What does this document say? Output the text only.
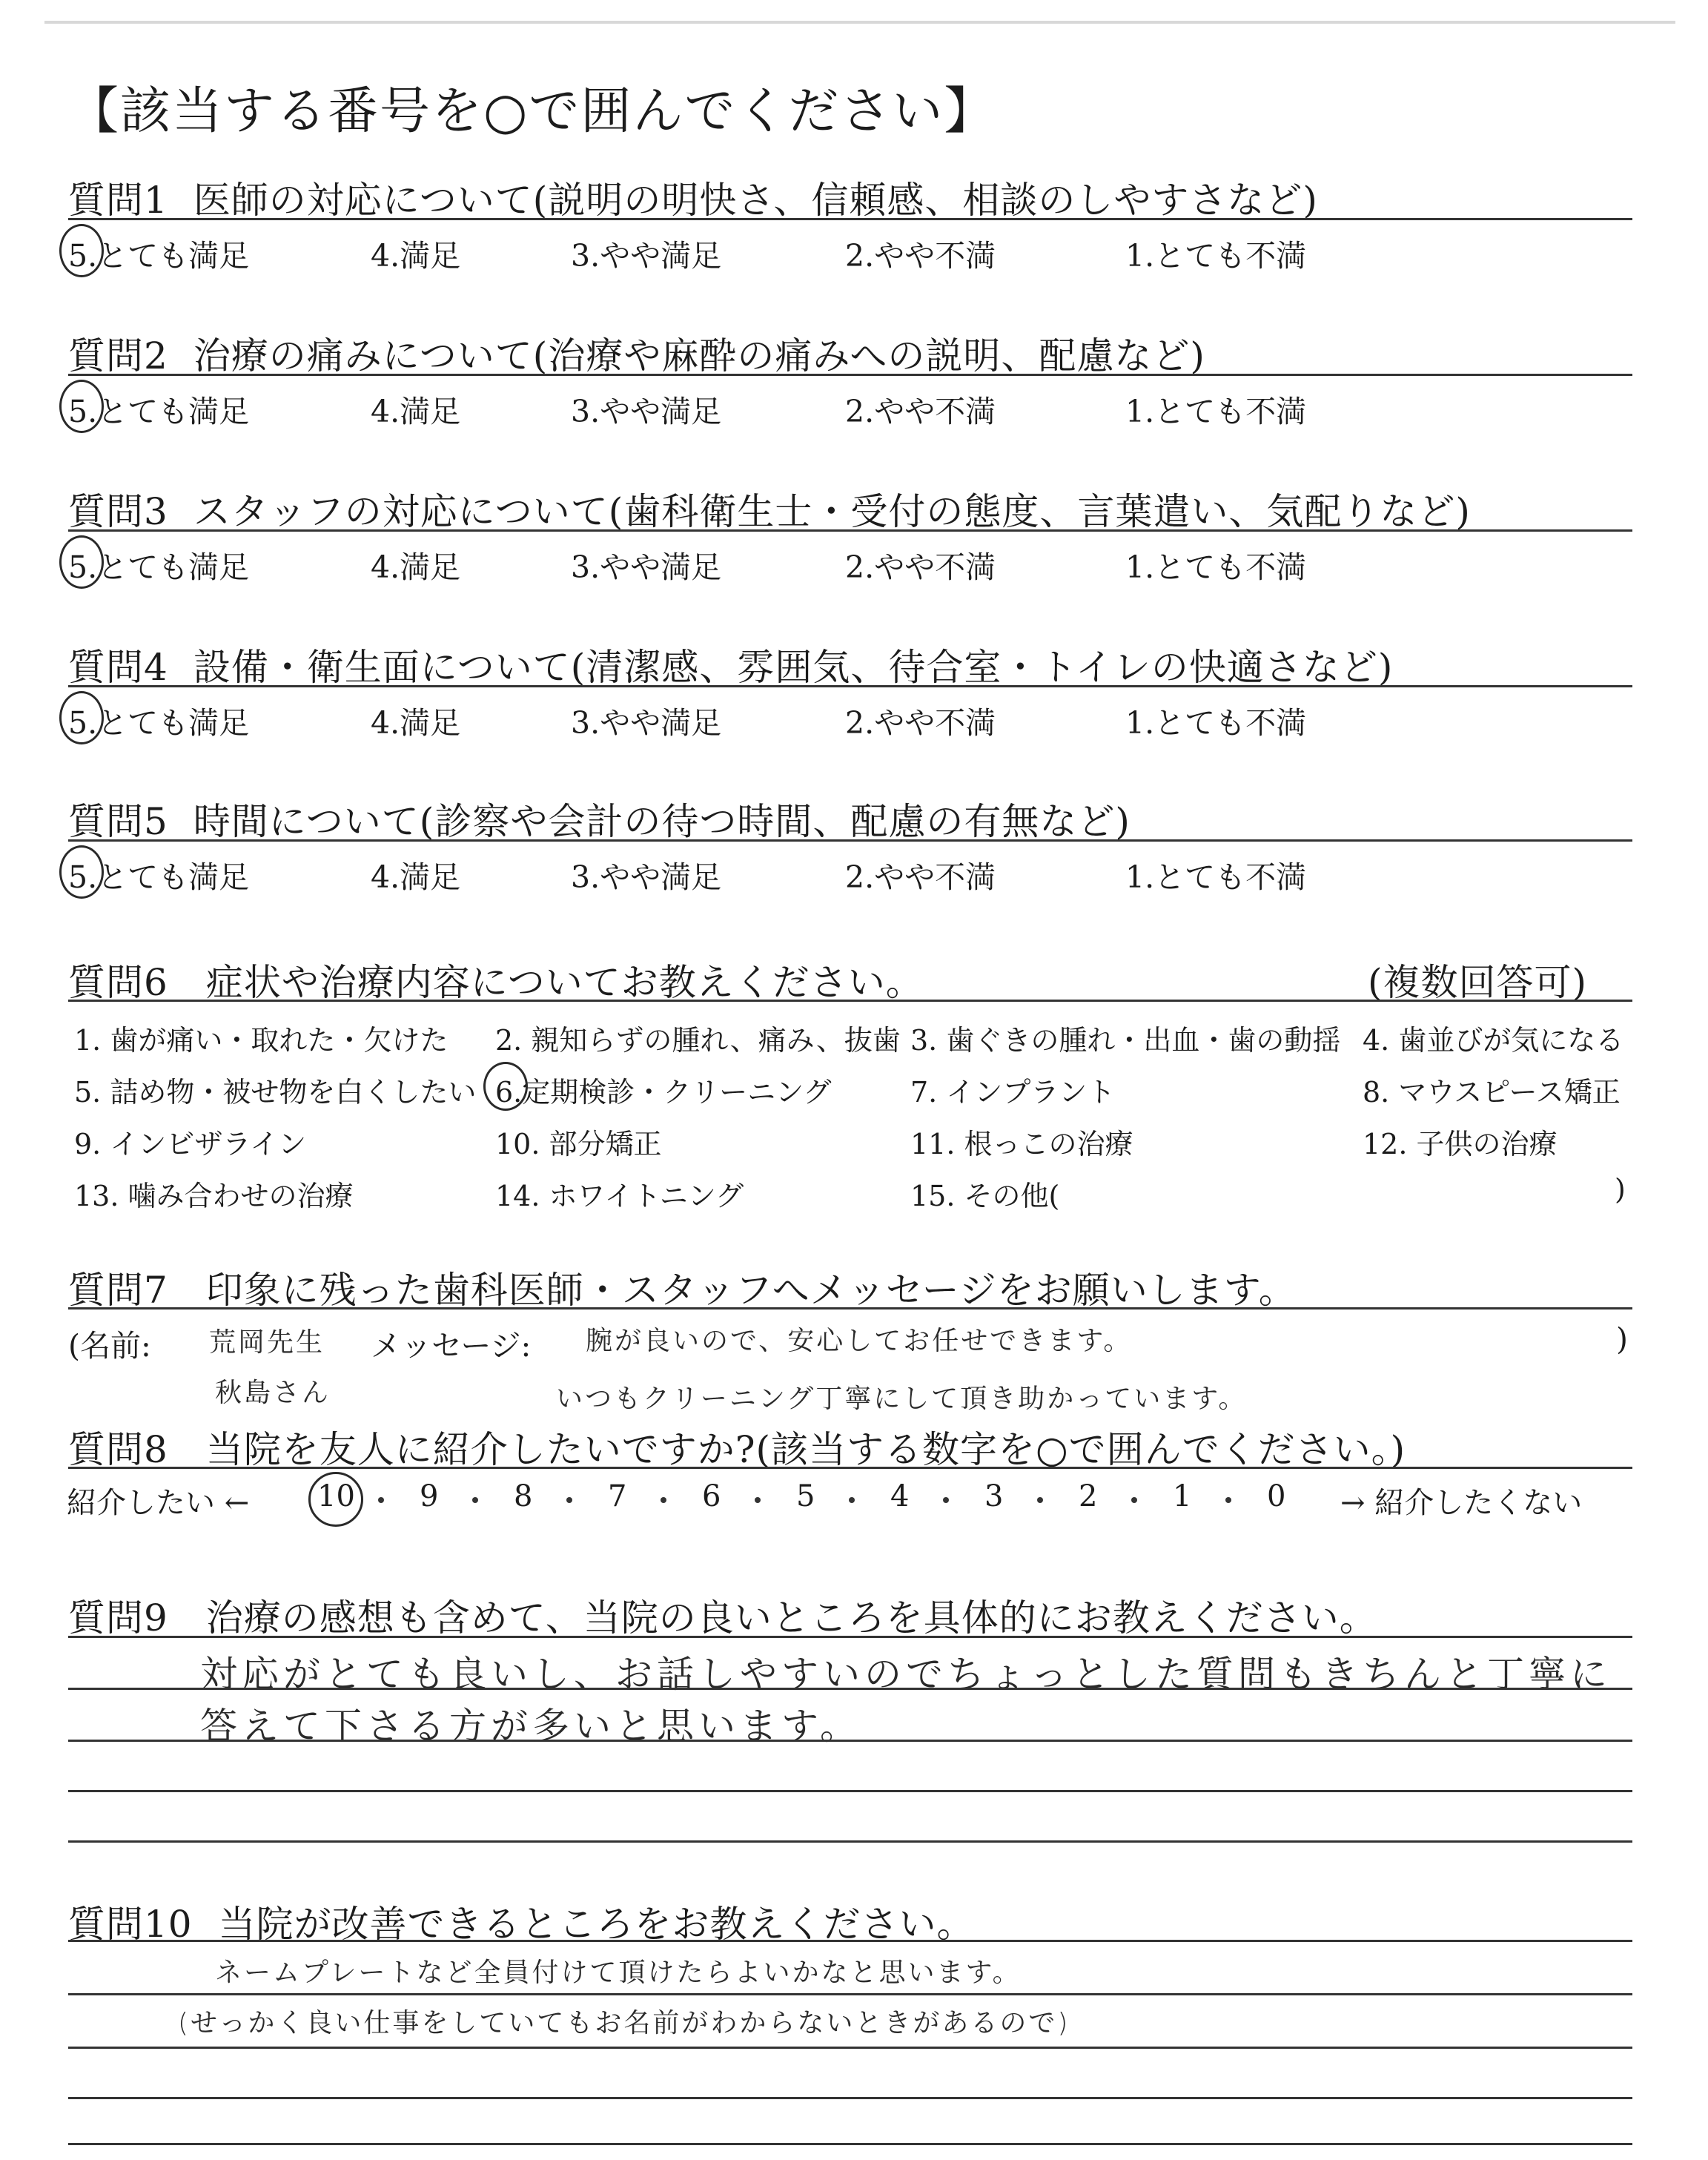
【該当する番号を○で囲んでください】
質問1 医師の対応について(説明の明快さ、信頼感、相談のしやすさなど)
5.とても満足	4.満足	3.やや満足	2.やや不満	1.とても不満
質問2 治療の痛みについて(治療や麻酔の痛みへの説明、配慮など)
5.とても満足	4.満足	3.やや満足	2.やや不満	1.とても不満
質問3 スタッフの対応について(歯科衛生士・受付の態度、言葉遣い、気配りなど)
5.とても満足	4.満足	3.やや満足	2.やや不満	1.とても不満
質問4 設備・衛生面について(清潔感、雰囲気、待合室・トイレの快適さなど)
5.とても満足	4.満足	3.やや満足	2.やや不満	1.とても不満
質問5 時間について(診察や会計の待つ時間、配慮の有無など)
5.とても満足	4.満足	3.やや満足	2.やや不満	1.とても不満
質問6 症状や治療内容についてお教えください。	(複数回答可)
1. 歯が痛い・取れた・欠けた 2. 親知らずの腫れ、痛み、抜歯 3. 歯ぐきの腫れ・出血・歯の動揺 4. 歯並びが気になる
5. 詰め物・被せ物を白くしたい 6.定期検診・クリーニング	7. インプラント	8. マウスピース矯正
9. インビザライン	10. 部分矯正	11. 根っこの治療	12. 子供の治療
13. 噛み合わせの治療	14. ホワイトニング	15. その他(	)
質問7 印象に残った歯科医師・スタッフへメッセージをお願いします。
(名前: 荒岡先生 メッセージ: 腕が良いので、安心してお任せできます。	)
秋島さん	いつもクリーニング丁寧にして頂き助かっています。
質問8 当院を友人に紹介したいですか?(該当する数字を○で囲んでください。)
紹介したい ← 10 9	8	7	6	5	4	3	2	1	0 → 紹介したくない
質問9 治療の感想も含めて、当院の良いところを具体的にお教えください。
対応がとても良いし、お話しやすいのでちょっとした質問もきちんと丁寧に
答えて下さる方が多いと思います。
質問10 当院が改善できるところをお教えください。
ネームプレートなど全員付けて頂けたらよいかなと思います。
(せっかく良い仕事をしていてもお名前がわからないときがあるので)
